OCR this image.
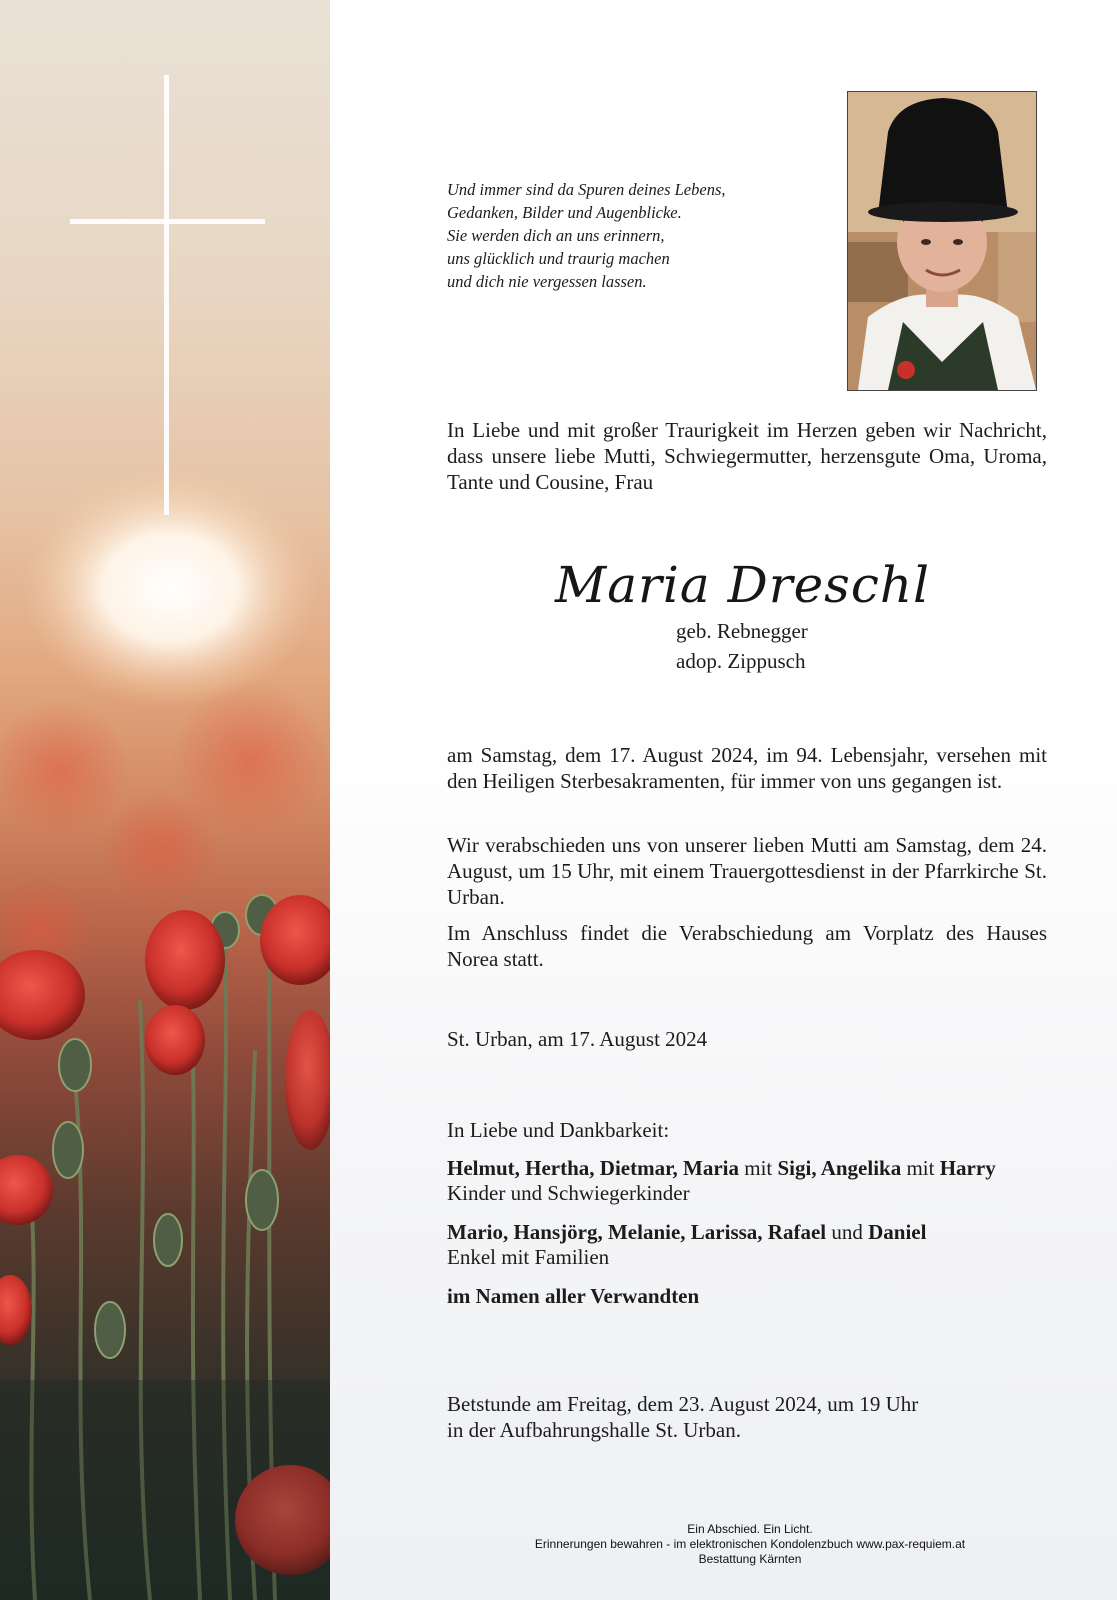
Und immer sind da Spuren deines Lebens,
Gedanken, Bilder und Augenblicke.
Sie werden dich an uns erinnern,
uns glücklich und traurig machen
und dich nie vergessen lassen.
In Liebe und mit großer Traurigkeit im Herzen geben wir Nachricht, dass unsere liebe Mutti, Schwiegermutter, herzensgute Oma, Uroma, Tante und Cousine, Frau
Maria Dreschl
geb. Rebnegger
adop. Zippusch
am Samstag, dem 17. August 2024, im 94. Lebensjahr, versehen mit den Heiligen Sterbesakramenten, für immer von uns gegangen ist.
Wir verabschieden uns von unserer lieben Mutti am Samstag, dem 24. August, um 15 Uhr, mit einem Trauergottesdienst in der Pfarrkirche St. Urban.
Im Anschluss findet die Verabschiedung am Vorplatz des Hauses Norea statt.
St. Urban, am 17. August 2024
In Liebe und Dankbarkeit:
Helmut, Hertha, Dietmar, Maria mit Sigi, Angelika mit Harry
Kinder und Schwiegerkinder
Mario, Hansjörg, Melanie, Larissa, Rafael und Daniel
Enkel mit Familien
im Namen aller Verwandten
Betstunde am Freitag, dem 23. August 2024, um 19 Uhr
in der Aufbahrungshalle St. Urban.
Ein Abschied. Ein Licht.
Erinnerungen bewahren - im elektronischen Kondolenzbuch www.pax-requiem.at
Bestattung Kärnten
